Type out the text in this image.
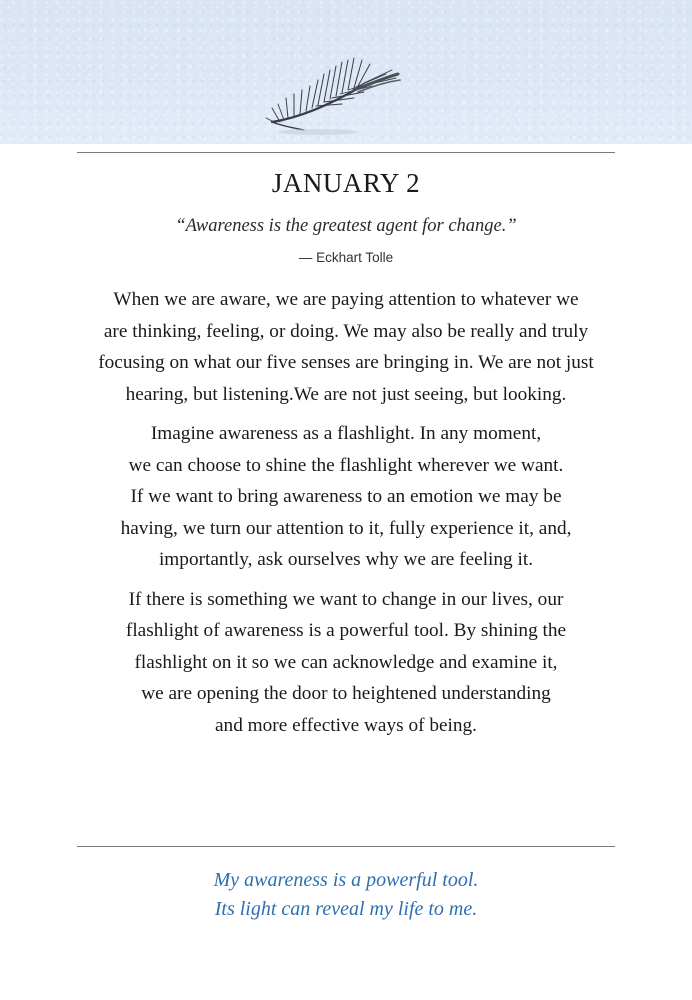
JANUARY 2
“Awareness is the greatest agent for change.”
— Eckhart Tolle

When we are aware, we are paying attention to whatever we
are thinking, feeling, or doing. We may also be really and truly
focusing on what our five senses are bringing in. We are not just
hearing, but listening.We are not just seeing, but looking.

Imagine awareness as a flashlight. In any moment,
we can choose to shine the flashlight wherever we want.
If we want to bring awareness to an emotion we may be
having, we turn our attention to it, fully experience it, and,
importantly, ask ourselves why we are feeling it.

If there is something we want to change in our lives, our
flashlight of awareness is a powerful tool. By shining the
flashlight on it so we can acknowledge and examine it,
we are opening the door to heightened understanding
and more effective ways of being.

My awareness is a powerful tool.
Its light can reveal my life to me.
